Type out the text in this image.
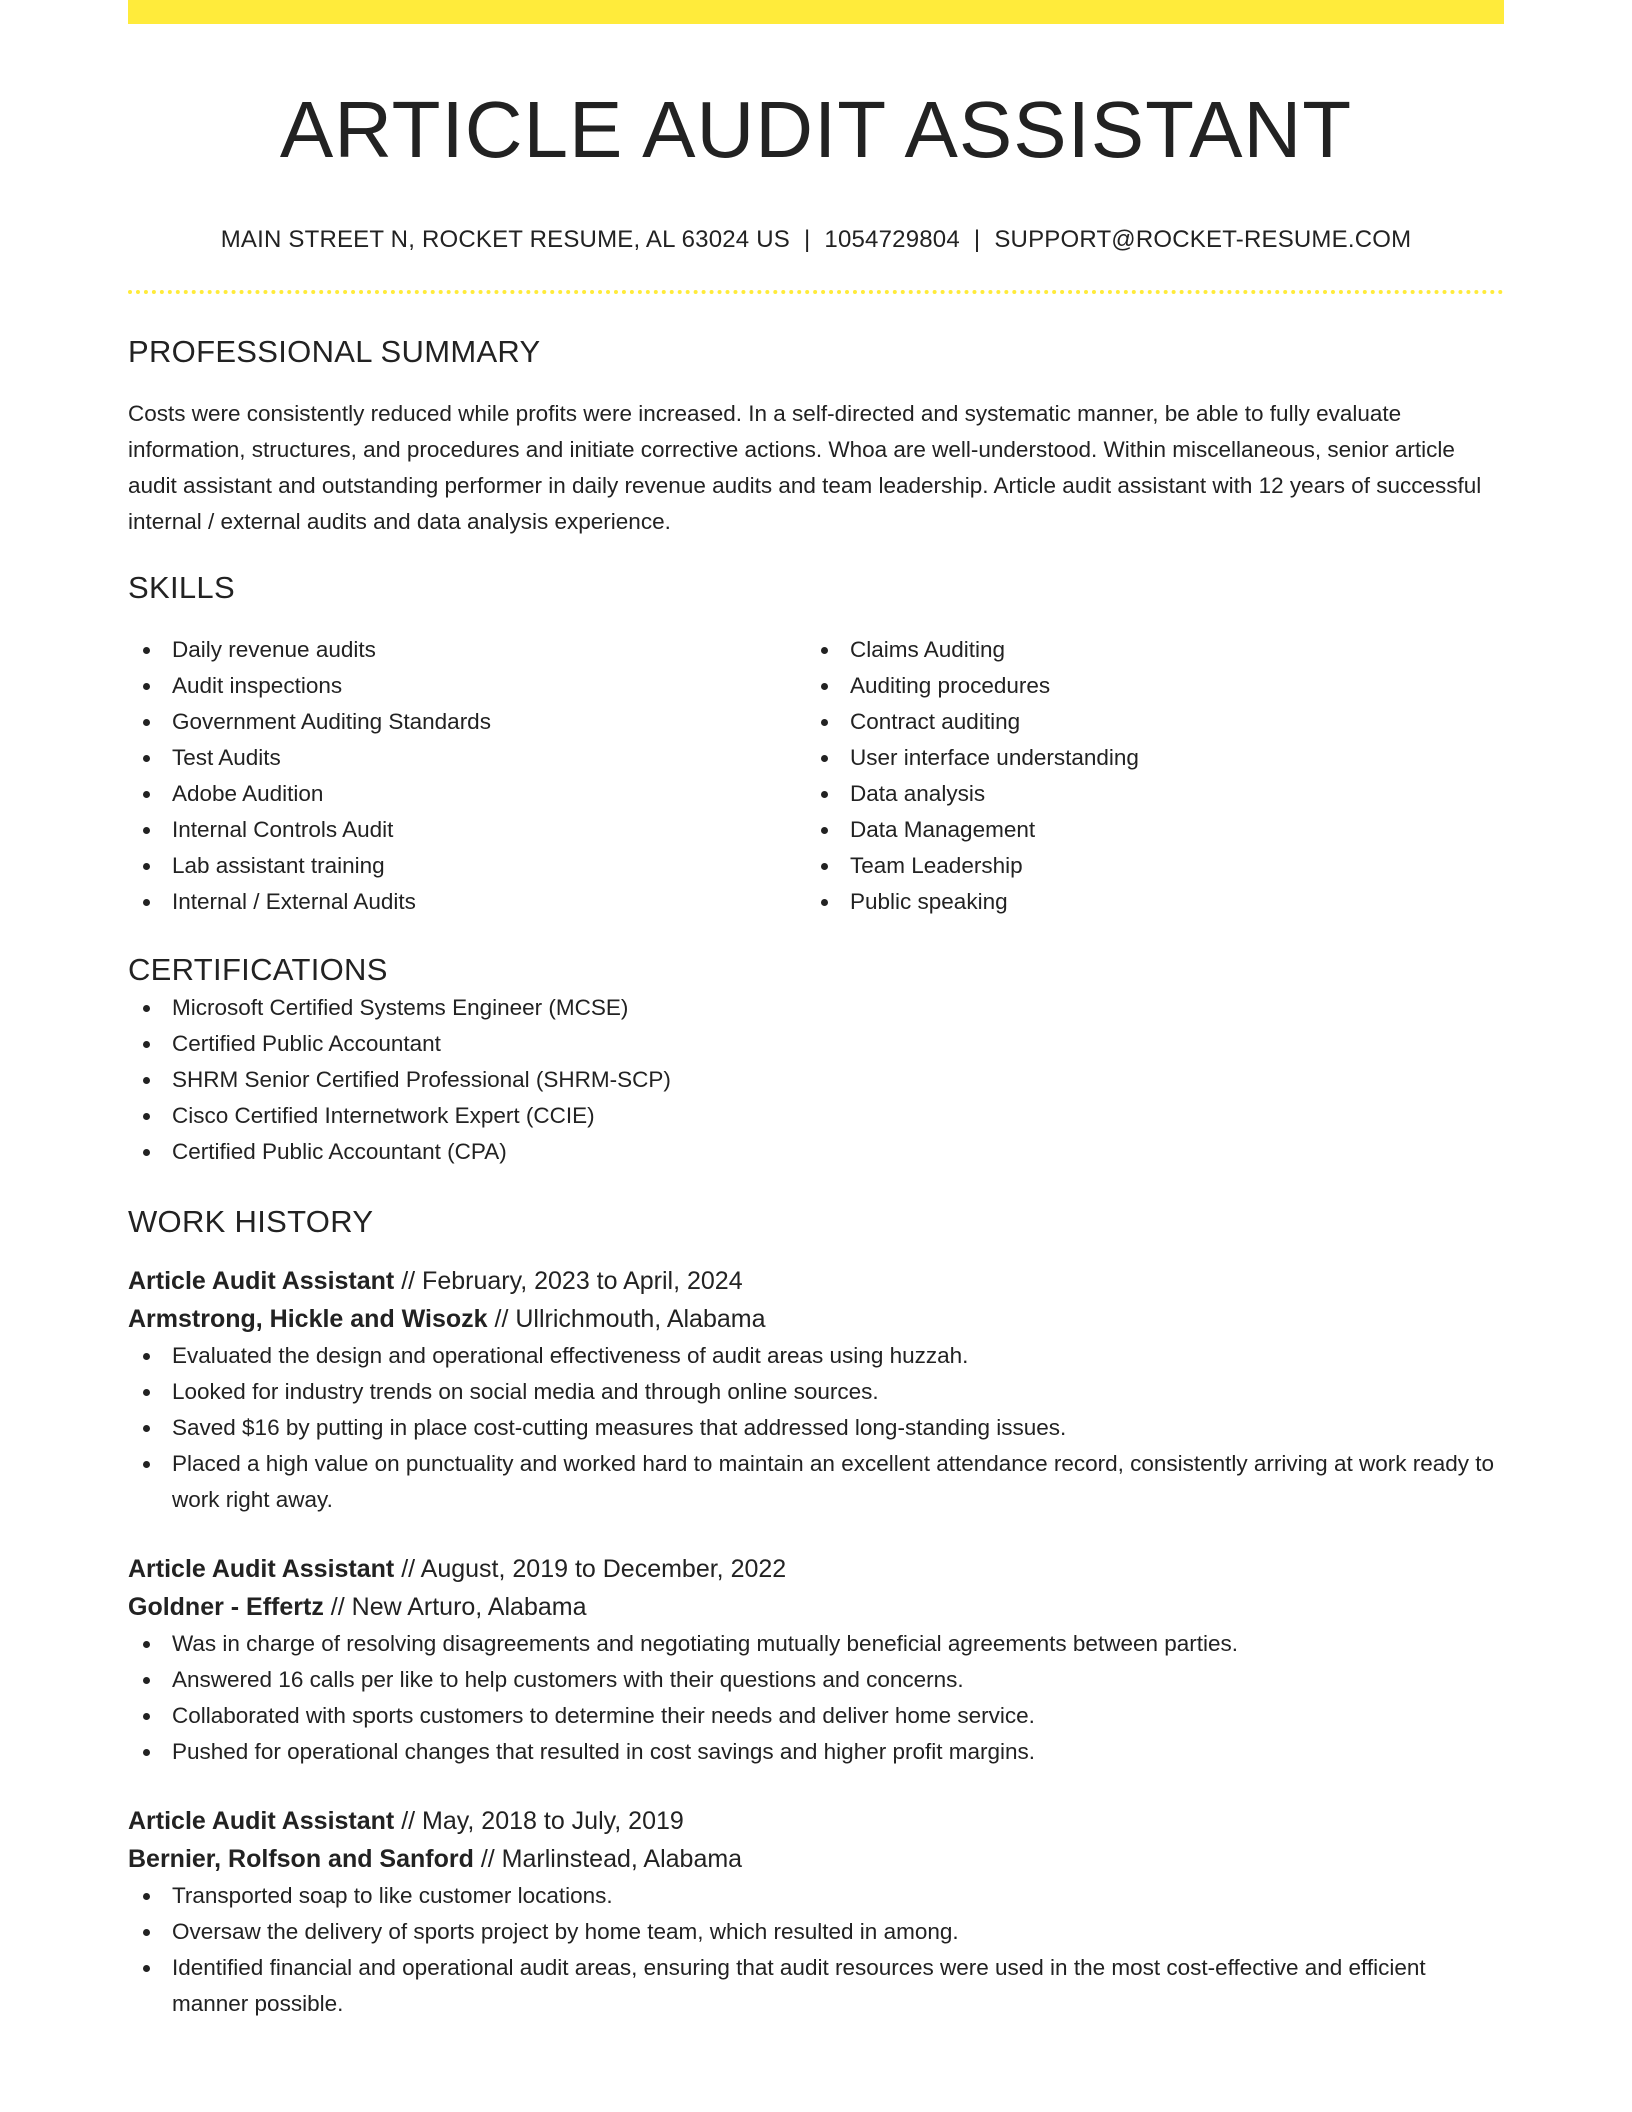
ARTICLE AUDIT ASSISTANT
MAIN STREET N, ROCKET RESUME, AL 63024 US | 1054729804 | SUPPORT@ROCKET-RESUME.COM
PROFESSIONAL SUMMARY
Costs were consistently reduced while profits were increased. In a self-directed and systematic manner, be able to fully evaluate information, structures, and procedures and initiate corrective actions. Whoa are well-understood. Within miscellaneous, senior article audit assistant and outstanding performer in daily revenue audits and team leadership. Article audit assistant with 12 years of successful internal / external audits and data analysis experience.
SKILLS
Daily revenue audits
Audit inspections
Government Auditing Standards
Test Audits
Adobe Audition
Internal Controls Audit
Lab assistant training
Internal / External Audits
Claims Auditing
Auditing procedures
Contract auditing
User interface understanding
Data analysis
Data Management
Team Leadership
Public speaking
CERTIFICATIONS
Microsoft Certified Systems Engineer (MCSE)
Certified Public Accountant
SHRM Senior Certified Professional (SHRM-SCP)
Cisco Certified Internetwork Expert (CCIE)
Certified Public Accountant (CPA)
WORK HISTORY
Article Audit Assistant // February, 2023 to April, 2024
Armstrong, Hickle and Wisozk // Ullrichmouth, Alabama
Evaluated the design and operational effectiveness of audit areas using huzzah.
Looked for industry trends on social media and through online sources.
Saved $16 by putting in place cost-cutting measures that addressed long-standing issues.
Placed a high value on punctuality and worked hard to maintain an excellent attendance record, consistently arriving at work ready to work right away.
Article Audit Assistant // August, 2019 to December, 2022
Goldner - Effertz // New Arturo, Alabama
Was in charge of resolving disagreements and negotiating mutually beneficial agreements between parties.
Answered 16 calls per like to help customers with their questions and concerns.
Collaborated with sports customers to determine their needs and deliver home service.
Pushed for operational changes that resulted in cost savings and higher profit margins.
Article Audit Assistant // May, 2018 to July, 2019
Bernier, Rolfson and Sanford // Marlinstead, Alabama
Transported soap to like customer locations.
Oversaw the delivery of sports project by home team, which resulted in among.
Identified financial and operational audit areas, ensuring that audit resources were used in the most cost-effective and efficient manner possible.
